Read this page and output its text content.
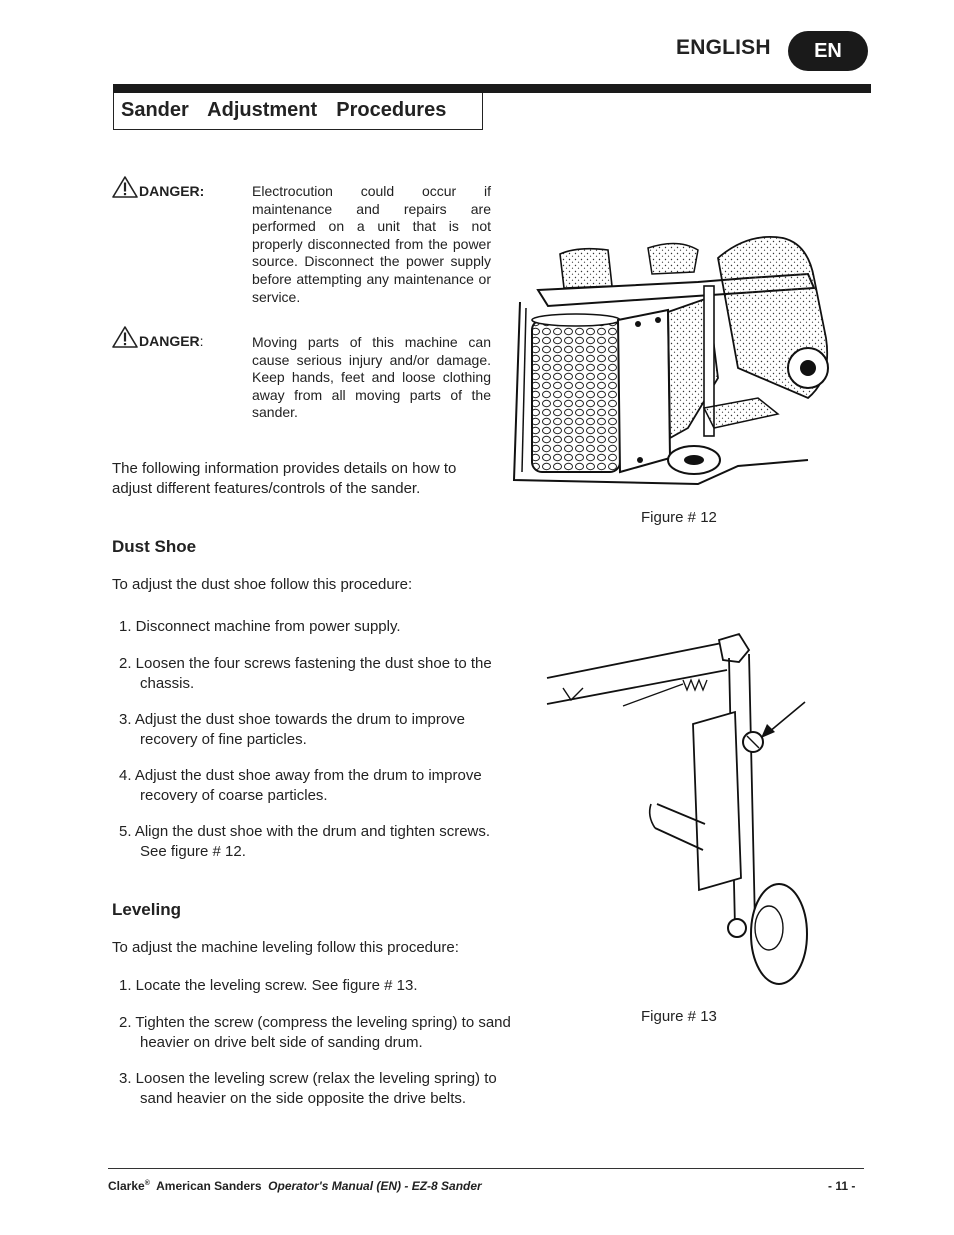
ENGLISH	EN
Sander  Adjustment  Procedures
DANGER:	Electrocution could occur if maintenance and repairs are performed on a unit that is not properly disconnected from the power source. Disconnect the power supply before attempting any maintenance or service.
DANGER:	Moving parts of this machine can cause serious injury and/or damage. Keep hands, feet and loose clothing away from all moving parts of the sander.
The following information provides details on how to adjust different features/controls of the sander.
Dust Shoe
To adjust the dust shoe follow this procedure:
1. Disconnect machine from power supply.
2. Loosen the four screws fastening the dust shoe to the chassis.
3. Adjust the dust shoe towards the drum to improve recovery of fine particles.
4. Adjust the dust shoe away from the drum to improve recovery of coarse particles.
5. Align the dust shoe with the drum and tighten screws. See figure # 12.
Leveling
To adjust the machine leveling follow this procedure:
1. Locate the leveling screw. See figure # 13.
2. Tighten the screw (compress the leveling spring) to sand heavier on drive belt side of sanding drum.
3. Loosen the leveling screw (relax the leveling spring) to sand heavier on the side opposite the drive belts.
Figure # 12
Figure # 13
Clarke® American Sanders Operator's Manual (EN) - EZ-8 Sander	- 11 -
